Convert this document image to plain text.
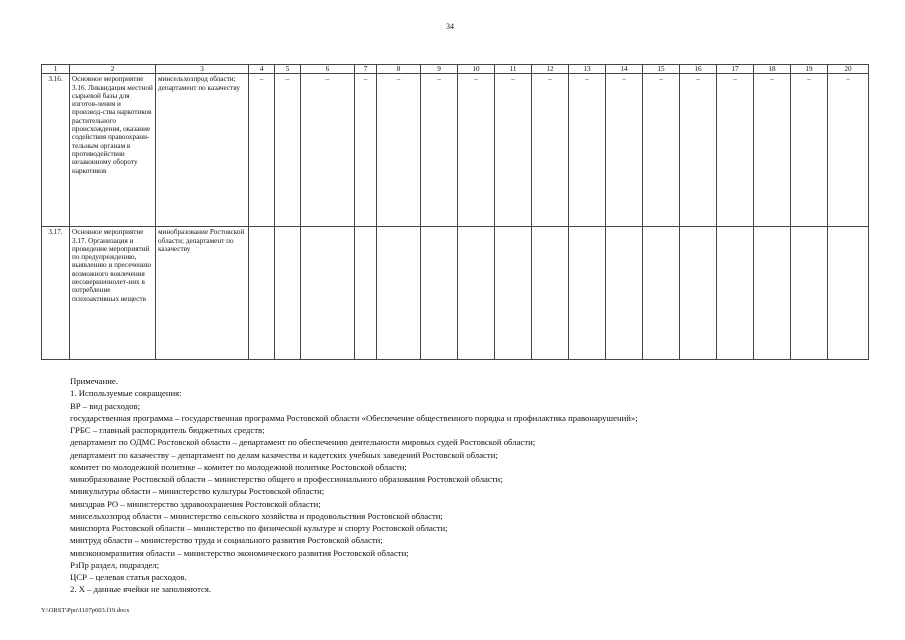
34
1	2	3	4	5	6	7	8	9	10	11	12	13	14	15	16	17	18	19	20
3.16.	Основное мероприятие 3.16. Ликвидация местной сырьевой базы для изготов-ления и производ-ства наркотиков растительного происхождения, оказание содействия правоохрани-тельным органам в противодействии незаконному обороту наркотиков	минсельхозпрод области; департамент по казачеству	–	–	–	–	–	–	–	–	–	–	–	–	–	–	–	–	–
3.17.	Основное мероприятие 3.17. Организация и проведение мероприятий по предупреждению, выявлению и пресечению возможного вовлечения несовершеннолет-них в потребление психоактивных веществ	минобразование Ростовской области; департамент по казачеству																	
Примечание.
1. Используемые сокращения:
ВР – вид расходов;
государственная программа – государственная программа Ростовской области «Обеспечение общественного порядка и профилактика правонарушений»;
ГРБС – главный распорядитель бюджетных средств;
департамент по ОДМС Ростовской области – департамент по обеспечению деятельности мировых судей Ростовской области;
департамент по казачеству – департамент по делам казачества и кадетских учебных заведений Ростовской области;
комитет по молодежной политике – комитет по молодежной политике Ростовской области;
минобразование Ростовской области – министерство общего и профессионального образования Ростовской области;
минкультуры области – министерство культуры Ростовской области;
минздрав РО – министерство здравоохранения Ростовской области;
минсельхозпрод области – министерство сельского хозяйства и продовольствия Ростовской области;
минспорта Ростовской области – министерство по физической культуре и спорту Ростовской области;
минтруд области – министерство труда и социального развития Ростовской области;
минэкономразвития области – министерство экономического развития Ростовской области;
РзПр раздел, подраздел;
ЦСР – целевая статья расходов.
2. Х – данные ячейки не заполняются.
Y:\ORST\Ppo\1107p603.f19.docx
